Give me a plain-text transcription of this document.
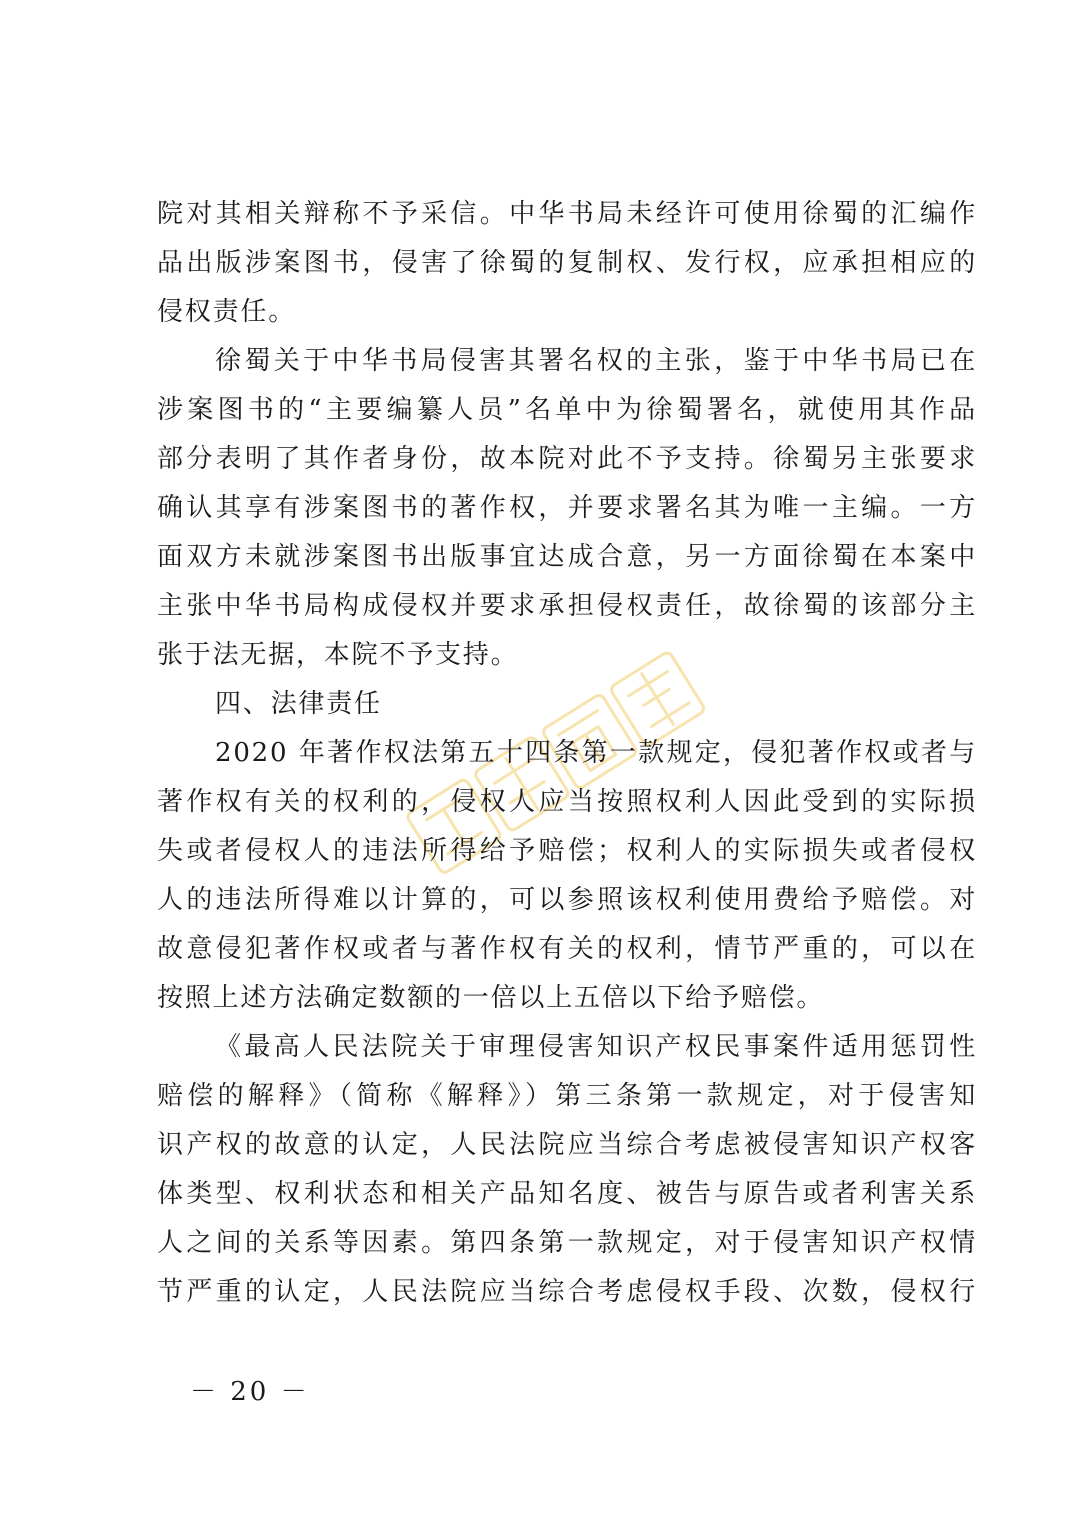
院对其相关辩称不予采信。中华书局未经许可使用徐蜀的汇编作
品出版涉案图书，侵害了徐蜀的复制权、发行权，应承担相应的
侵权责任。

徐蜀关于中华书局侵害其署名权的主张，鉴于中华书局已在
涉案图书的“主要编纂人员”名单中为徐蜀署名，就使用其作品
部分表明了其作者身份，故本院对此不予支持。徐蜀另主张要求
确认其享有涉案图书的著作权，并要求署名其为唯一主编。一方
面双方未就涉案图书出版事宜达成合意，另一方面徐蜀在本案中
主张中华书局构成侵权并要求承担侵权责任，故徐蜀的该部分主
张于法无据，本院不予支持。

四、法律责任

2020 年著作权法第五十四条第一款规定，侵犯著作权或者与
著作权有关的权利的，侵权人应当按照权利人因此受到的实际损
失或者侵权人的违法所得给予赔偿；权利人的实际损失或者侵权
人的违法所得难以计算的，可以参照该权利使用费给予赔偿。对
故意侵犯著作权或者与著作权有关的权利，情节严重的，可以在
按照上述方法确定数额的一倍以上五倍以下给予赔偿。

《最高人民法院关于审理侵害知识产权民事案件适用惩罚性
赔偿的解释》（简称《解释》）第三条第一款规定，对于侵害知
识产权的故意的认定，人民法院应当综合考虑被侵害知识产权客
体类型、权利状态和相关产品知名度、被告与原告或者利害关系
人之间的关系等因素。第四条第一款规定，对于侵害知识产权情
节严重的认定，人民法院应当综合考虑侵权手段、次数，侵权行

－ 20 －
